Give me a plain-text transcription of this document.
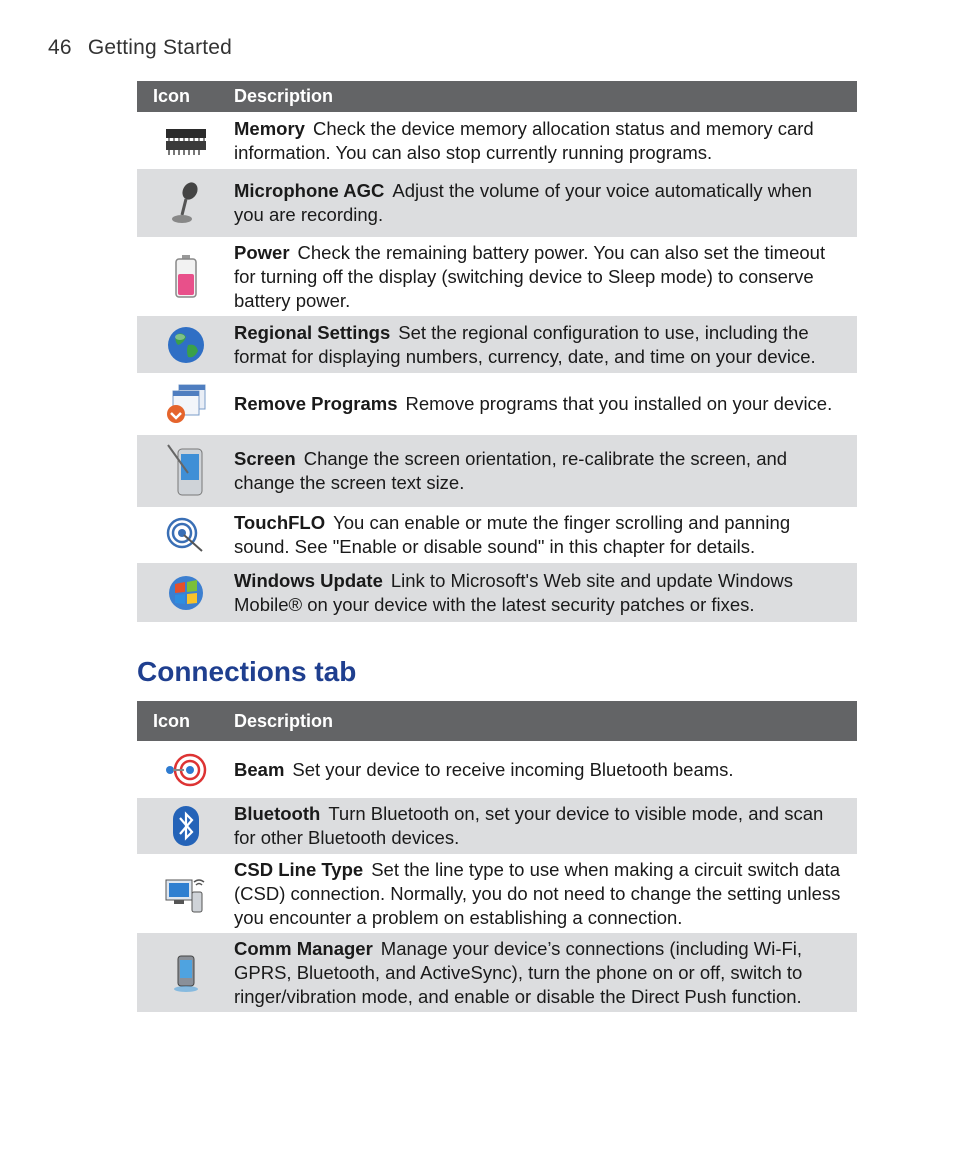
46 Getting Started
Icon	Description
Memory Check the device memory allocation status and memory card information. You can also stop currently running programs.
Microphone AGC Adjust the volume of your voice automatically when you are recording.
Power Check the remaining battery power. You can also set the timeout for turning off the display (switching device to Sleep mode) to conserve battery power.
Regional Settings Set the regional configuration to use, including the format for displaying numbers, currency, date, and time on your device.
Remove Programs Remove programs that you installed on your device.
Screen Change the screen orientation, re-calibrate the screen, and change the screen text size.
TouchFLO You can enable or mute the finger scrolling and panning sound. See "Enable or disable sound" in this chapter for details.
Windows Update Link to Microsoft's Web site and update Windows Mobile® on your device with the latest security patches or fixes.
Connections tab
Icon	Description
Beam Set your device to receive incoming Bluetooth beams.
Bluetooth Turn Bluetooth on, set your device to visible mode, and scan for other Bluetooth devices.
CSD Line Type Set the line type to use when making a circuit switch data (CSD) connection. Normally, you do not need to change the setting unless you encounter a problem on establishing a connection.
Comm Manager Manage your device’s connections (including Wi-Fi, GPRS, Bluetooth, and ActiveSync), turn the phone on or off, switch to ringer/vibration mode, and enable or disable the Direct Push function.
